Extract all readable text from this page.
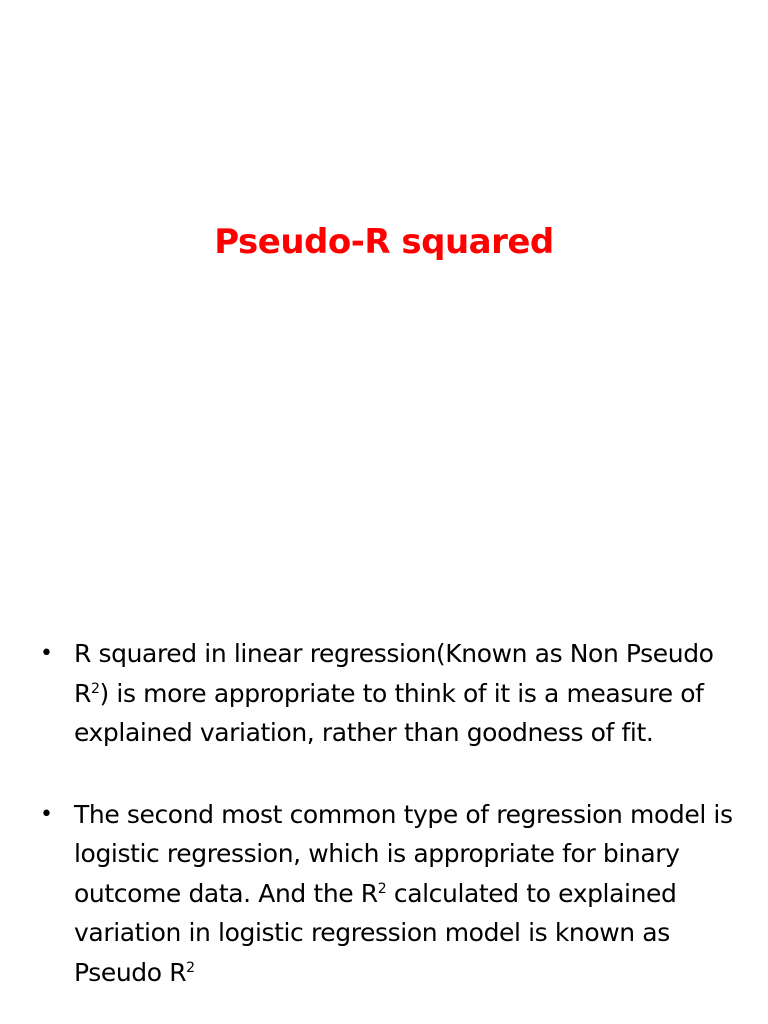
Pseudo-R squared
• R squared in linear regression(Known as Non Pseudo $R^2$) is more appropriate to think of it is a measure of explained variation, rather than goodness of fit.
• The second most common type of regression model is logistic regression, which is appropriate for binary outcome data. And the $R^2$ calculated to explained variation in logistic regression model is known as Pseudo $R^2$
